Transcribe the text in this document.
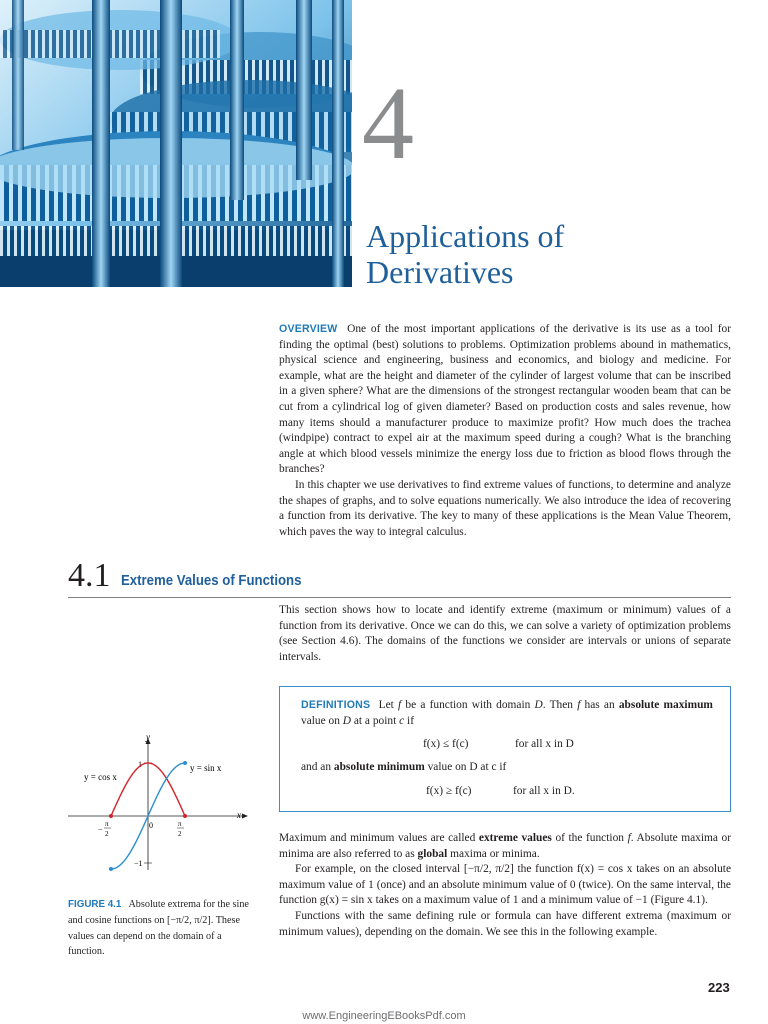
4
Applications of
Derivatives
OVERVIEW One of the most important applications of the derivative is its use as a tool for finding the optimal (best) solutions to problems. Optimization problems abound in mathematics, physical science and engineering, business and economics, and biology and medicine. For example, what are the height and diameter of the cylinder of largest volume that can be inscribed in a given sphere? What are the dimensions of the strongest rectangular wooden beam that can be cut from a cylindrical log of given diameter? Based on production costs and sales revenue, how many items should a manufacturer produce to maximize profit? How much does the trachea (windpipe) contract to expel air at the maximum speed during a cough? What is the branching angle at which blood vessels minimize the energy loss due to friction as blood flows through the branches?
In this chapter we use derivatives to find extreme values of functions, to determine and analyze the shapes of graphs, and to solve equations numerically. We also introduce the idea of recovering a function from its derivative. The key to many of these applications is the Mean Value Theorem, which paves the way to integral calculus.
4.1 Extreme Values of Functions
This section shows how to locate and identify extreme (maximum or minimum) values of a function from its derivative. Once we can do this, we can solve a variety of optimization problems (see Section 4.6). The domains of the functions we consider are intervals or unions of separate intervals.
DEFINITIONS Let f be a function with domain D. Then f has an absolute maximum value on D at a point c if
f(x) ≤ f(c)	for all x in D
and an absolute minimum value on D at c if
f(x) ≥ f(c)	for all x in D.
y
x
y = cos x
y = sin x
1
−1
0
−
π
2
π
2
FIGURE 4.1 Absolute extrema for the sine and cosine functions on [−π/2, π/2]. These values can depend on the domain of a function.
Maximum and minimum values are called extreme values of the function f. Absolute maxima or minima are also referred to as global maxima or minima.
For example, on the closed interval [−π/2, π/2] the function f(x) = cos x takes on an absolute maximum value of 1 (once) and an absolute minimum value of 0 (twice). On the same interval, the function g(x) = sin x takes on a maximum value of 1 and a minimum value of −1 (Figure 4.1).
Functions with the same defining rule or formula can have different extrema (maximum or minimum values), depending on the domain. We see this in the following example.
223
www.EngineeringEBooksPdf.com
